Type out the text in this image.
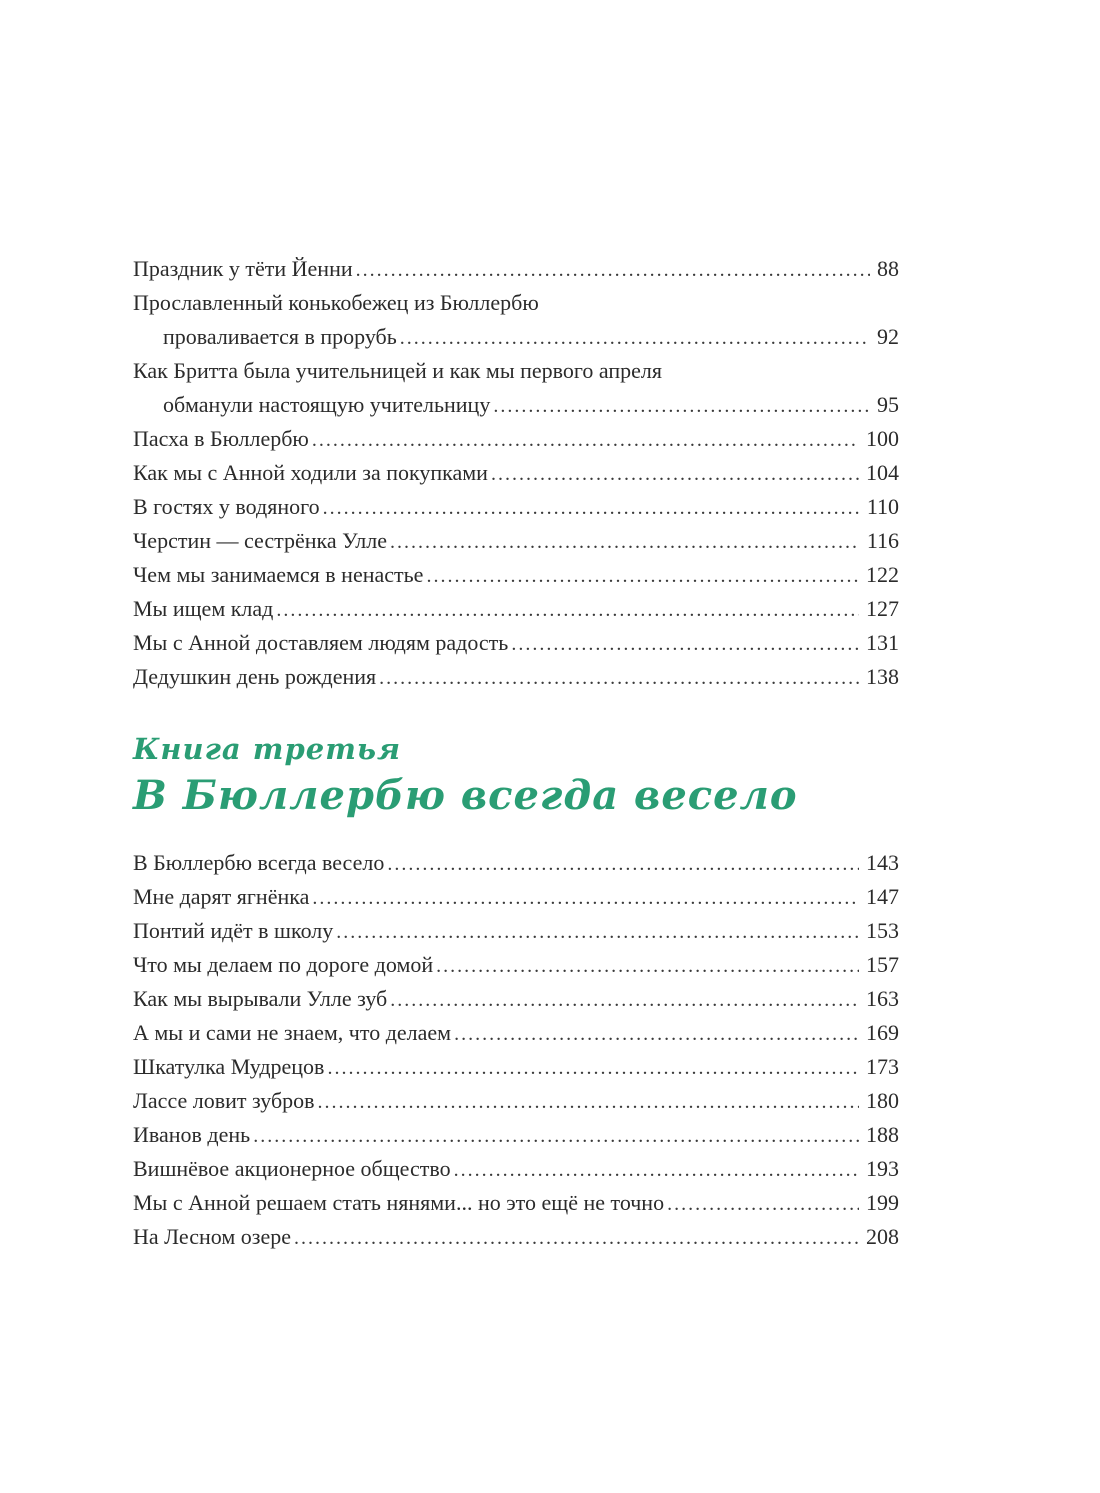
Праздник у тёти Йенни .....	88
Прославленный конькобежец из Бюллербю
проваливается в прорубь .....	92
Как Бритта была учительницей и как мы первого апреля
обманули настоящую учительницу .....	95
Пасха в Бюллербю .....	100
Как мы с Анной ходили за покупками .....	104
В гостях у водяного .....	110
Черстин — сестрёнка Улле .....	116
Чем мы занимаемся в ненастье .....	122
Мы ищем клад .....	127
Мы с Анной доставляем людям радость .....	131
Дедушкин день рождения .....	138
Книга третья
В Бюллербю всегда весело
В Бюллербю всегда весело .....	143
Мне дарят ягнёнка .....	147
Понтий идёт в школу .....	153
Что мы делаем по дороге домой .....	157
Как мы вырывали Улле зуб .....	163
А мы и сами не знаем, что делаем .....	169
Шкатулка Мудрецов .....	173
Лассе ловит зубров .....	180
Иванов день .....	188
Вишнёвое акционерное общество .....	193
Мы с Анной решаем стать нянями... но это ещё не точно .....	199
На Лесном озере .....	208
